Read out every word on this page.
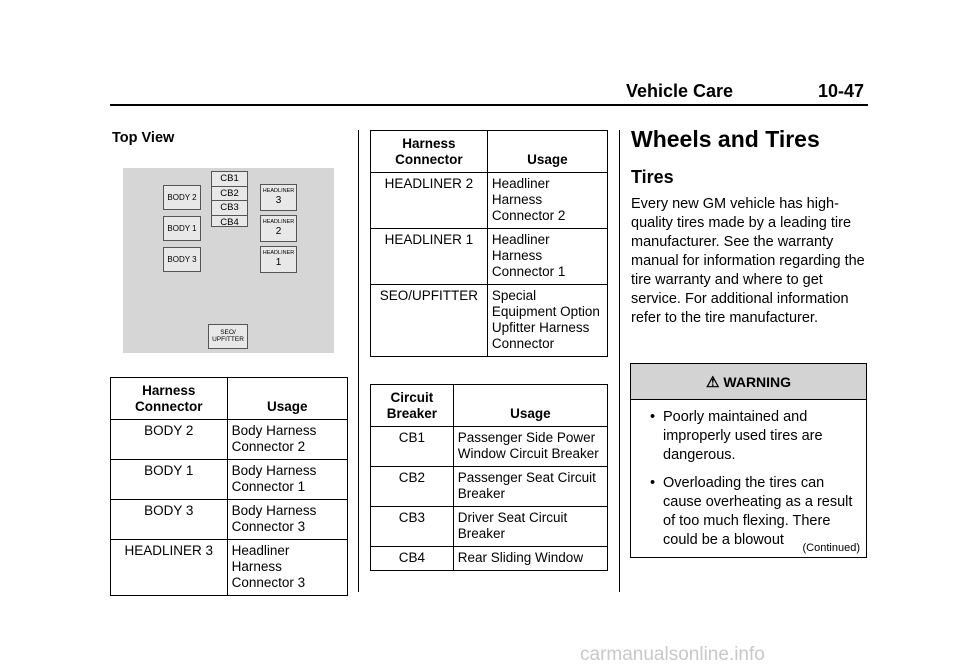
Vehicle Care	10-47
Top View
BODY 2
BODY 1
BODY 3
CB1
CB2
CB3
CB4
HEADLINER
3
HEADLINER
2
HEADLINER
1
SEO/
UPFITTER
Harness Connector	Usage
BODY 2	Body Harness Connector 2
BODY 1	Body Harness Connector 1
BODY 3	Body Harness Connector 3
HEADLINER 3	Headliner Harness Connector 3
Harness Connector	Usage
HEADLINER 2	Headliner Harness Connector 2
HEADLINER 1	Headliner Harness Connector 1
SEO/UPFITTER	Special Equipment Option Upfitter Harness Connector
Circuit Breaker	Usage
CB1	Passenger Side Power Window Circuit Breaker
CB2	Passenger Seat Circuit Breaker
CB3	Driver Seat Circuit Breaker
CB4	Rear Sliding Window
Wheels and Tires
Tires
Every new GM vehicle has high-quality tires made by a leading tire manufacturer. See the warranty manual for information regarding the tire warranty and where to get service. For additional information refer to the tire manufacturer.
⚠ WARNING
• Poorly maintained and improperly used tires are dangerous.
• Overloading the tires can cause overheating as a result of too much flexing. There could be a blowout	(Continued)
carmanualsonline.info
